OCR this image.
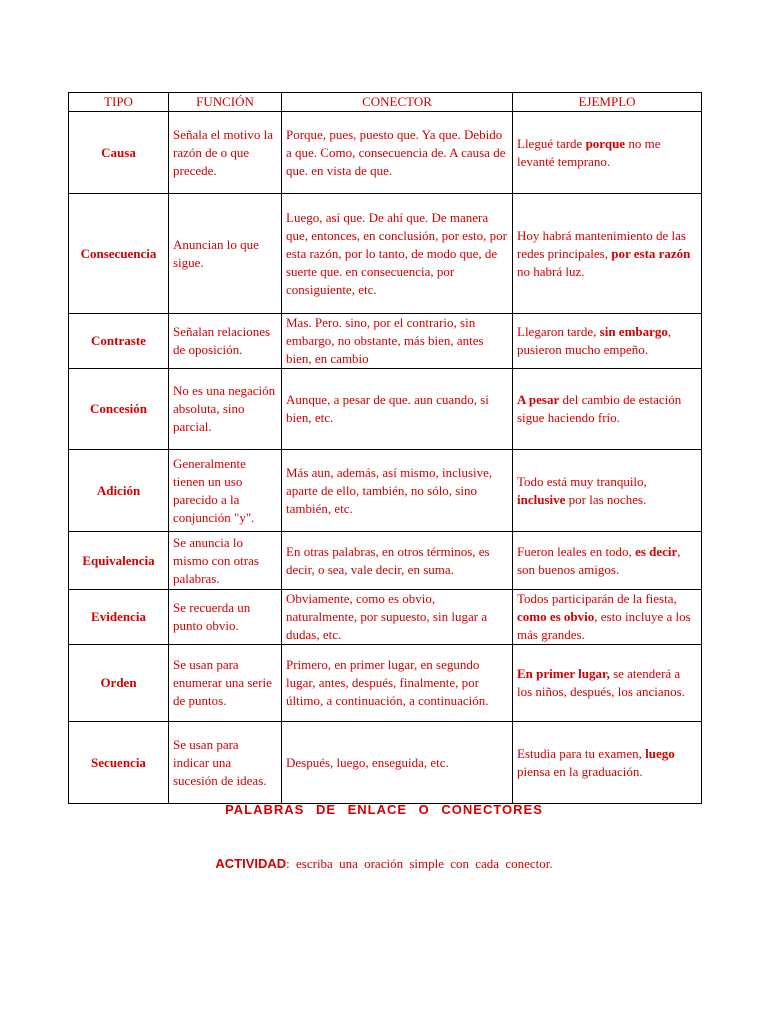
TIPO	FUNCIÓN	CONECTOR	EJEMPLO
Causa	Señala el motivo la razón de o que precede.	Porque, pues, puesto que. Ya que. Debido a que. Como, consecuencia de. A causa de que. en vista de que.	Llegué tarde porque no me levanté temprano.
Consecuencia	Anuncian lo que sigue.	Luego, así que. De ahí que. De manera que, entonces, en conclusión, por esto, por esta razón, por lo tanto, de modo que, de suerte que. en consecuencia, por consiguiente, etc.	Hoy habrá mantenimiento de las redes principales, por esta razón no habrá luz.
Contraste	Señalan relaciones de oposición.	Mas. Pero. sino, por el contrario, sin embargo, no obstante, más bien, antes bien, en cambio	Llegaron tarde, sin embargo, pusieron mucho empeño.
Concesión	No es una negación absoluta, sino parcial.	Aunque, a pesar de que. aun cuando, si bien, etc.	A pesar del cambio de estación sigue haciendo frío.
Adición	Generalmente tienen un uso parecido a la conjunción "y".	Más aun, además, así mismo, inclusive, aparte de ello, también, no sólo, sino también, etc.	Todo está muy tranquilo, inclusive por las noches.
Equivalencia	Se anuncia lo mismo con otras palabras.	En otras palabras, en otros términos, es decir, o sea, vale decir, en suma.	Fueron leales en todo, es decir, son buenos amigos.
Evidencia	Se recuerda un punto obvio.	Obviamente, como es obvio, naturalmente, por supuesto, sin lugar a dudas, etc.	Todos participarán de la fiesta, como es obvio, esto incluye a los más grandes.
Orden	Se usan para enumerar una serie de puntos.	Primero, en primer lugar, en segundo lugar, antes, después, finalmente, por último, a continuación, a continuación.	En primer lugar, se atenderá a los niños, después, los ancianos.
Secuencia	Se usan para indicar una sucesión de ideas.	Después, luego, enseguida, etc.	Estudia para tu examen, luego piensa en la graduación.
PALABRAS DE ENLACE O CONECTORES
ACTIVIDAD: escriba una oración simple con cada conector.
